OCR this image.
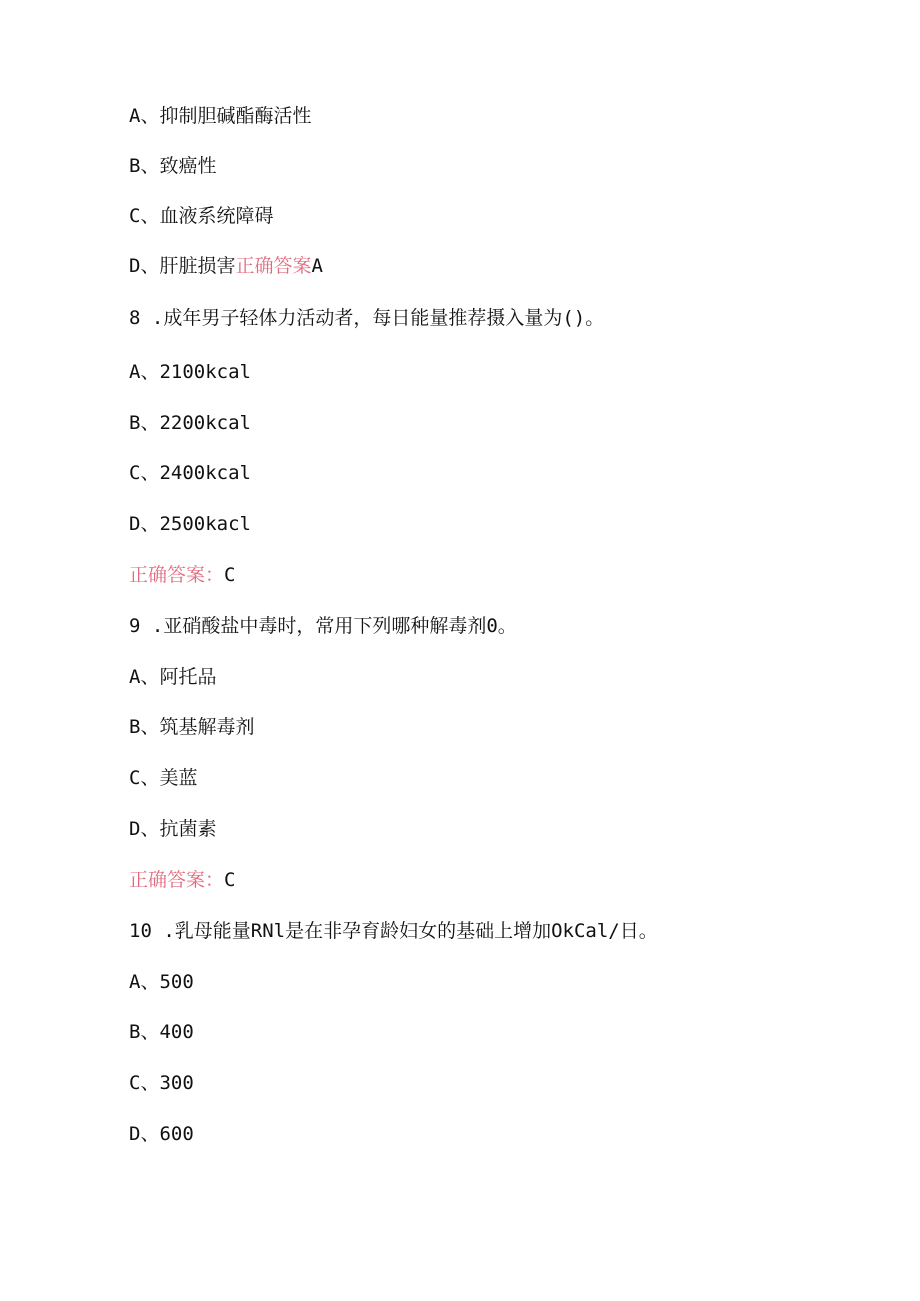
A、抑制胆碱酯酶活性
B、致癌性
C、血液系统障碍
D、肝脏损害正确答案A
8 .成年男子轻体力活动者，每日能量推荐摄入量为()。
A、2100kcal
B、2200kcal
C、2400kcal
D、2500kacl
正确答案：C
9 .亚硝酸盐中毒时，常用下列哪种解毒剂0。
A、阿托品
B、筑基解毒剂
C、美蓝
D、抗菌素
正确答案：C
10 .乳母能量RNl是在非孕育龄妇女的基础上增加OkCal/日。
A、500
B、400
C、300
D、600
